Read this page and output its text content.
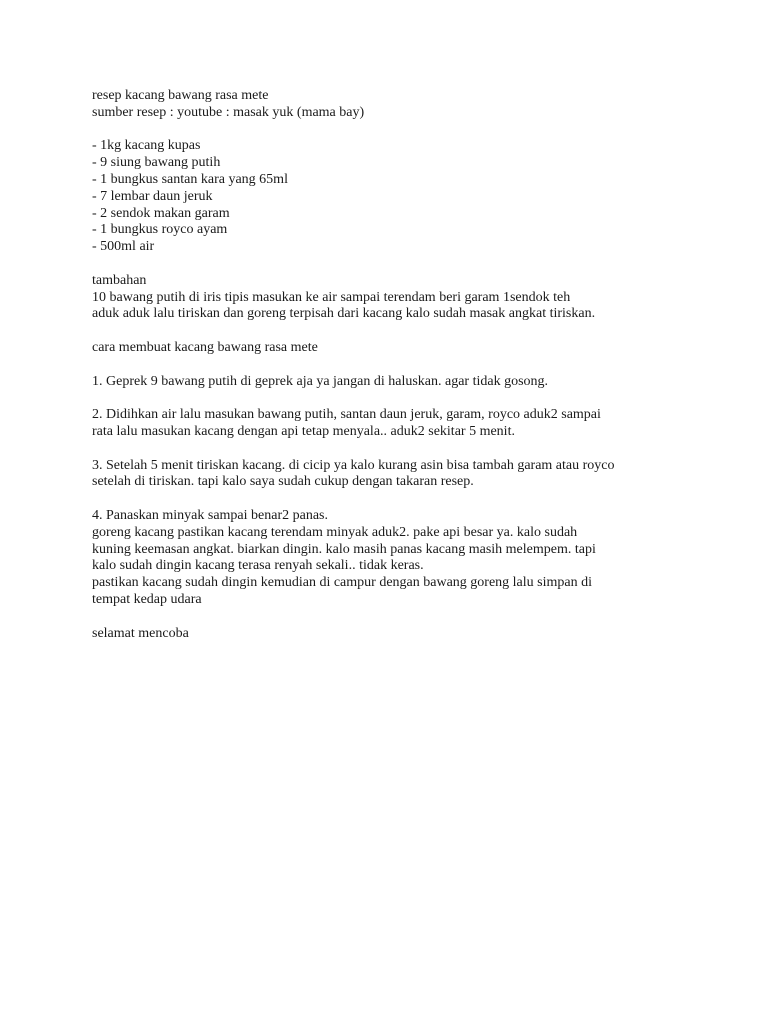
resep kacang bawang rasa mete
sumber resep : youtube : masak yuk (mama bay)
- 1kg kacang kupas
- 9 siung bawang putih
- 1 bungkus santan kara yang 65ml
- 7 lembar daun jeruk
- 2 sendok makan garam
- 1 bungkus royco ayam
- 500ml air
tambahan
10 bawang putih di iris tipis masukan ke air sampai terendam beri garam 1sendok teh
aduk aduk lalu tiriskan dan goreng terpisah dari kacang kalo sudah masak angkat tiriskan.
cara membuat kacang bawang rasa mete
1. Geprek 9 bawang putih di geprek aja ya jangan di haluskan. agar tidak gosong.
2. Didihkan air lalu masukan bawang putih, santan daun jeruk, garam, royco aduk2 sampai
rata lalu masukan kacang dengan api tetap menyala.. aduk2 sekitar 5 menit.
3. Setelah 5 menit tiriskan kacang. di cicip ya kalo kurang asin bisa tambah garam atau royco
setelah di tiriskan. tapi kalo saya sudah cukup dengan takaran resep.
4. Panaskan minyak sampai benar2 panas.
goreng kacang pastikan kacang terendam minyak aduk2. pake api besar ya. kalo sudah
kuning keemasan angkat. biarkan dingin. kalo masih panas kacang masih melempem. tapi
kalo sudah dingin kacang terasa renyah sekali.. tidak keras.
pastikan kacang sudah dingin kemudian di campur dengan bawang goreng lalu simpan di
tempat kedap udara
selamat mencoba
